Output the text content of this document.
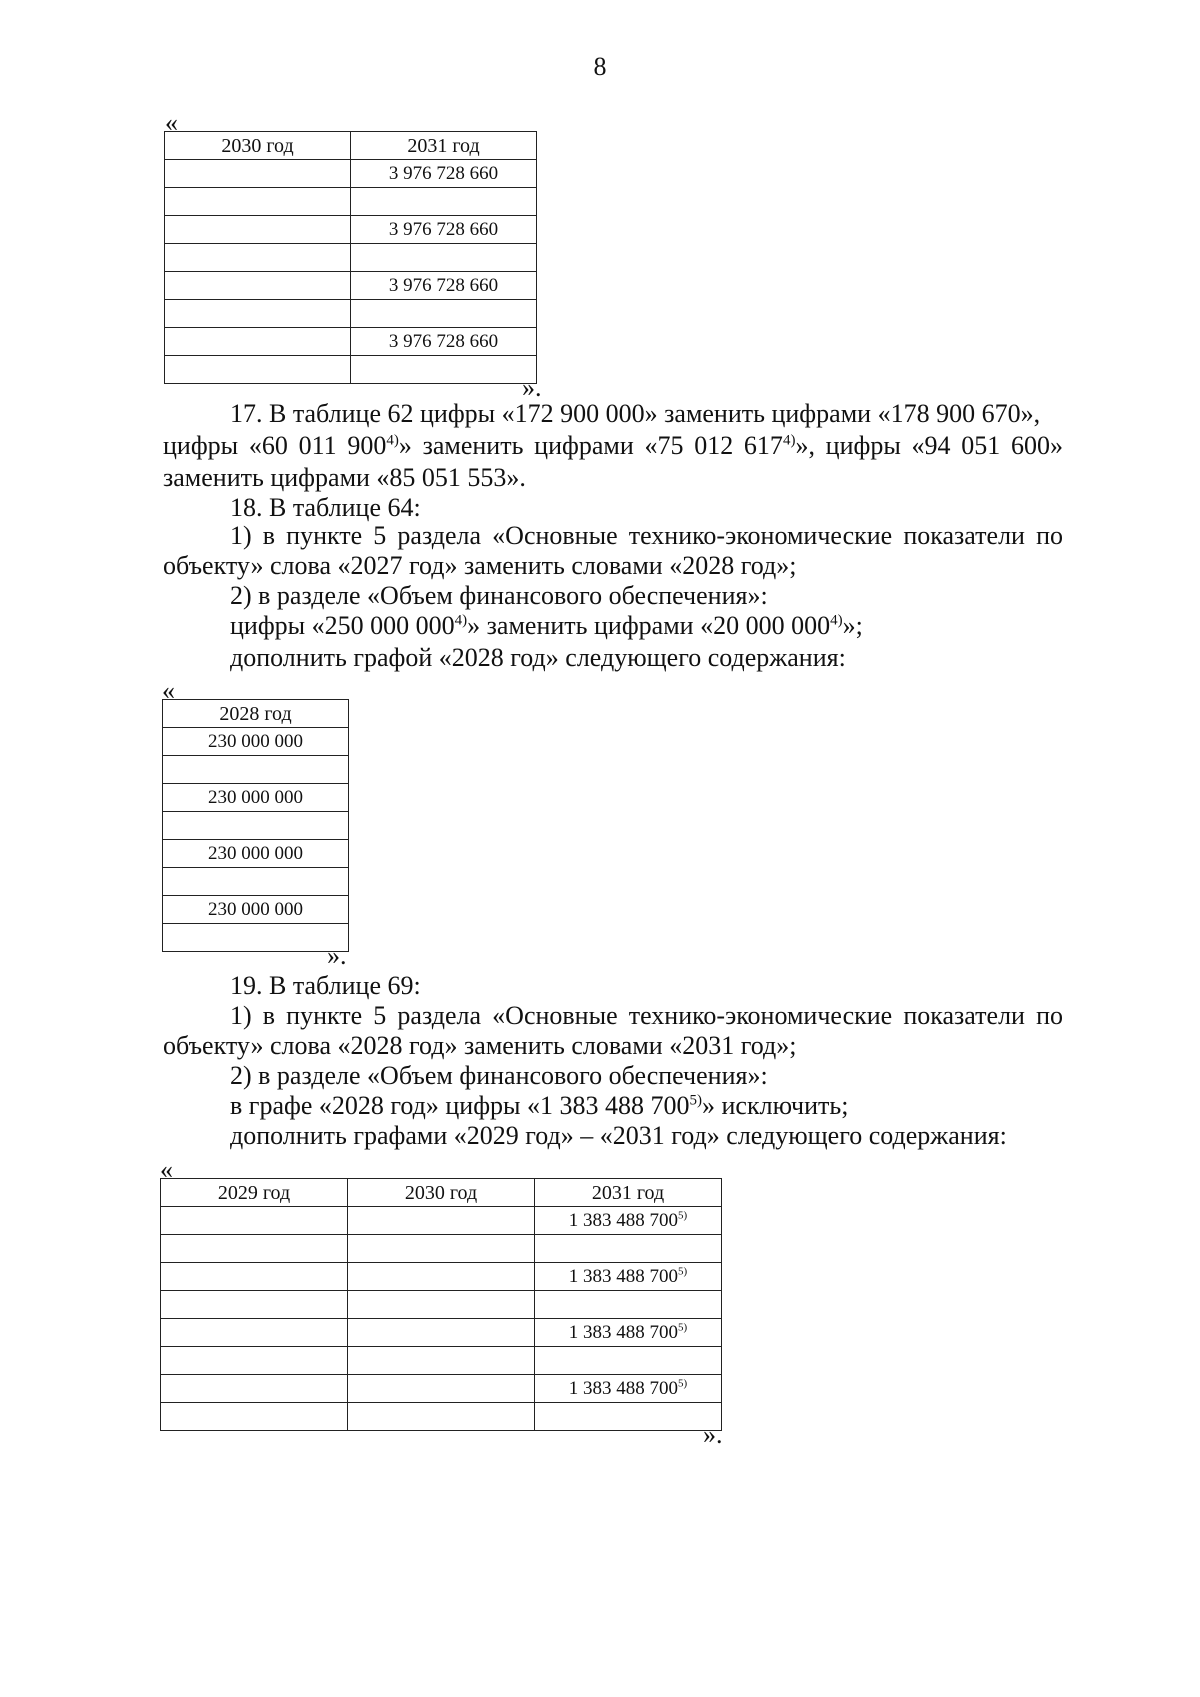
8
«
2030 год	2031 год
	3 976 728 660

	3 976 728 660

	3 976 728 660

	3 976 728 660

».
17. В таблице 62 цифры «172 900 000» заменить цифрами «178 900 670»,
цифры «60 011 900$^{4)}$» заменить цифрами «75 012 617$^{4)}$», цифры «94 051 600»
заменить цифрами «85 051 553».
18. В таблице 64:
1) в пункте 5 раздела «Основные технико-экономические показатели по
объекту» слова «2027 год» заменить словами «2028 год»;
2) в разделе «Объем финансового обеспечения»:
цифры «250 000 000$^{4)}$» заменить цифрами «20 000 000$^{4)}$»;
дополнить графой «2028 год» следующего содержания:
«
2028 год
230 000 000

230 000 000

230 000 000

230 000 000

».
19. В таблице 69:
1) в пункте 5 раздела «Основные технико-экономические показатели по
объекту» слова «2028 год» заменить словами «2031 год»;
2) в разделе «Объем финансового обеспечения»:
в графе «2028 год» цифры «1 383 488 700$^{5)}$» исключить;
дополнить графами «2029 год» – «2031 год» следующего содержания:
«
2029 год	2030 год	2031 год
		1 383 488 700$^{5)}$

		1 383 488 700$^{5)}$

		1 383 488 700$^{5)}$

		1 383 488 700$^{5)}$

».
